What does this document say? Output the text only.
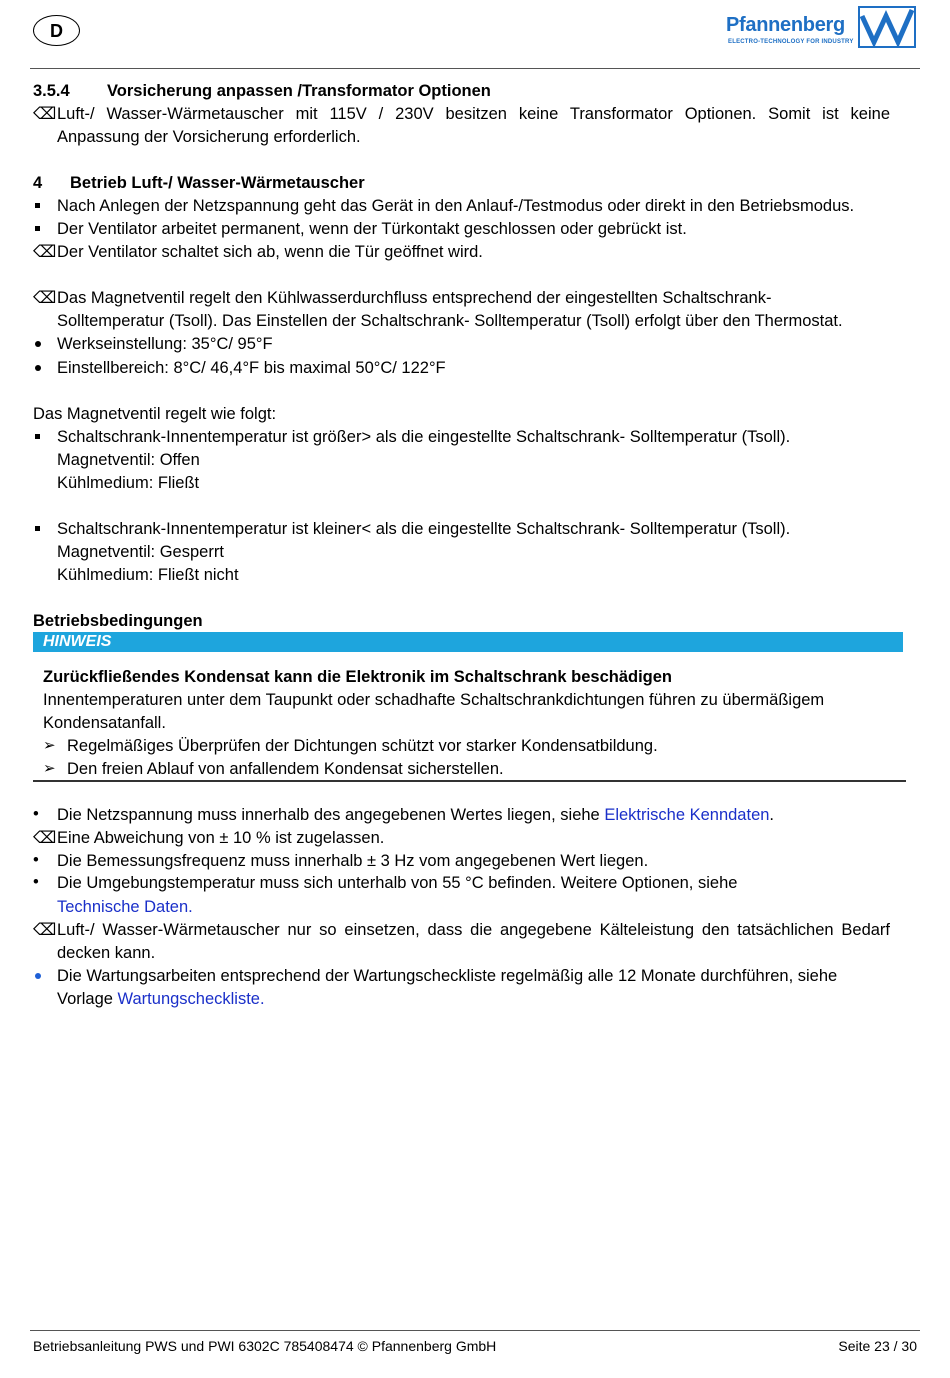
D	Pfannenberg
ELECTRO-TECHNOLOGY FOR INDUSTRY
3.5.4 Vorsicherung anpassen /Transformator Optionen
⌫ Luft-/ Wasser-Wärmetauscher mit 115V / 230V besitzen keine Transformator Optionen. Somit ist keine
Anpassung der Vorsicherung erforderlich.
4 Betrieb Luft-/ Wasser-Wärmetauscher
Nach Anlegen der Netzspannung geht das Gerät in den Anlauf-/Testmodus oder direkt in den Betriebsmodus.
Der Ventilator arbeitet permanent, wenn der Türkontakt geschlossen oder gebrückt ist.
⌫ Der Ventilator schaltet sich ab, wenn die Tür geöffnet wird.
⌫ Das Magnetventil regelt den Kühlwasserdurchfluss entsprechend der eingestellten Schaltschrank-
Solltemperatur (Tsoll). Das Einstellen der Schaltschrank- Solltemperatur (Tsoll) erfolgt über den Thermostat.
Werkseinstellung: 35°C/ 95°F
Einstellbereich: 8°C/ 46,4°F bis maximal 50°C/ 122°F
Das Magnetventil regelt wie folgt:
Schaltschrank-Innentemperatur ist größer> als die eingestellte Schaltschrank- Solltemperatur (Tsoll).
Magnetventil: Offen
Kühlmedium: Fließt
Schaltschrank-Innentemperatur ist kleiner< als die eingestellte Schaltschrank- Solltemperatur (Tsoll).
Magnetventil: Gesperrt
Kühlmedium: Fließt nicht
Betriebsbedingungen
HINWEIS
Zurückfließendes Kondensat kann die Elektronik im Schaltschrank beschädigen
Innentemperaturen unter dem Taupunkt oder schadhafte Schaltschrankdichtungen führen zu übermäßigem
Kondensatanfall.
➢ Regelmäßiges Überprüfen der Dichtungen schützt vor starker Kondensatbildung.
➢ Den freien Ablauf von anfallendem Kondensat sicherstellen.
•	Die Netzspannung muss innerhalb des angegebenen Wertes liegen, siehe Elektrische Kenndaten.
⌫ Eine Abweichung von ± 10 % ist zugelassen.
•	Die Bemessungsfrequenz muss innerhalb ± 3 Hz vom angegebenen Wert liegen.
•	Die Umgebungstemperatur muss sich unterhalb von 55 °C befinden. Weitere Optionen, siehe
Technische Daten.
⌫ Luft-/ Wasser-Wärmetauscher nur so einsetzen, dass die angegebene Kälteleistung den tatsächlichen Bedarf
decken kann.
Die Wartungsarbeiten entsprechend der Wartungscheckliste regelmäßig alle 12 Monate durchführen, siehe
Vorlage Wartungscheckliste.
Betriebsanleitung PWS und PWI 6302C 785408474 © Pfannenberg GmbH	Seite 23 / 30
